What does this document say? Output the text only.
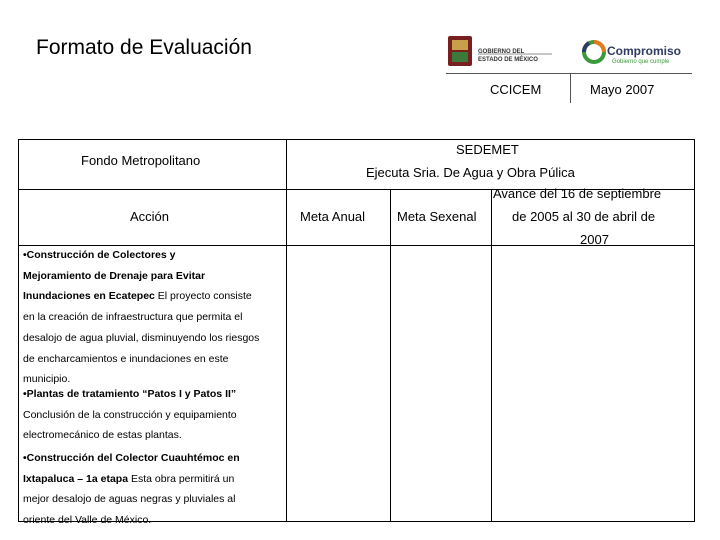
Formato de Evaluación	GOBIERNO DEL
ESTADO DE MÉXICO
Compromiso
Gobierno que cumple
CCICEM	Mayo 2007
Fondo Metropolitano
SEDEMET
Ejecuta Sria. De Agua y Obra Púlica
Acción	Meta Anual Meta Sexenal
Avance del 16 de septiembre
de 2005 al 30 de abril de
2007

•Construcción de Colectores y

Mejoramiento de Drenaje para Evitar

Inundaciones en Ecatepec El proyecto consiste

en la creación de infraestructura que permita el

desalojo de agua pluvial, disminuyendo los riesgos

de encharcamientos e inundaciones en este

municipio.

•Plantas de tratamiento “Patos I y Patos II”

Conclusión de la construcción y equipamiento

electromecánico de estas plantas.

•Construcción del Colector Cuauhtémoc en

Ixtapaluca – 1a etapa Esta obra permitirá un

mejor desalojo de aguas negras y pluviales al

oriente del Valle de México.
